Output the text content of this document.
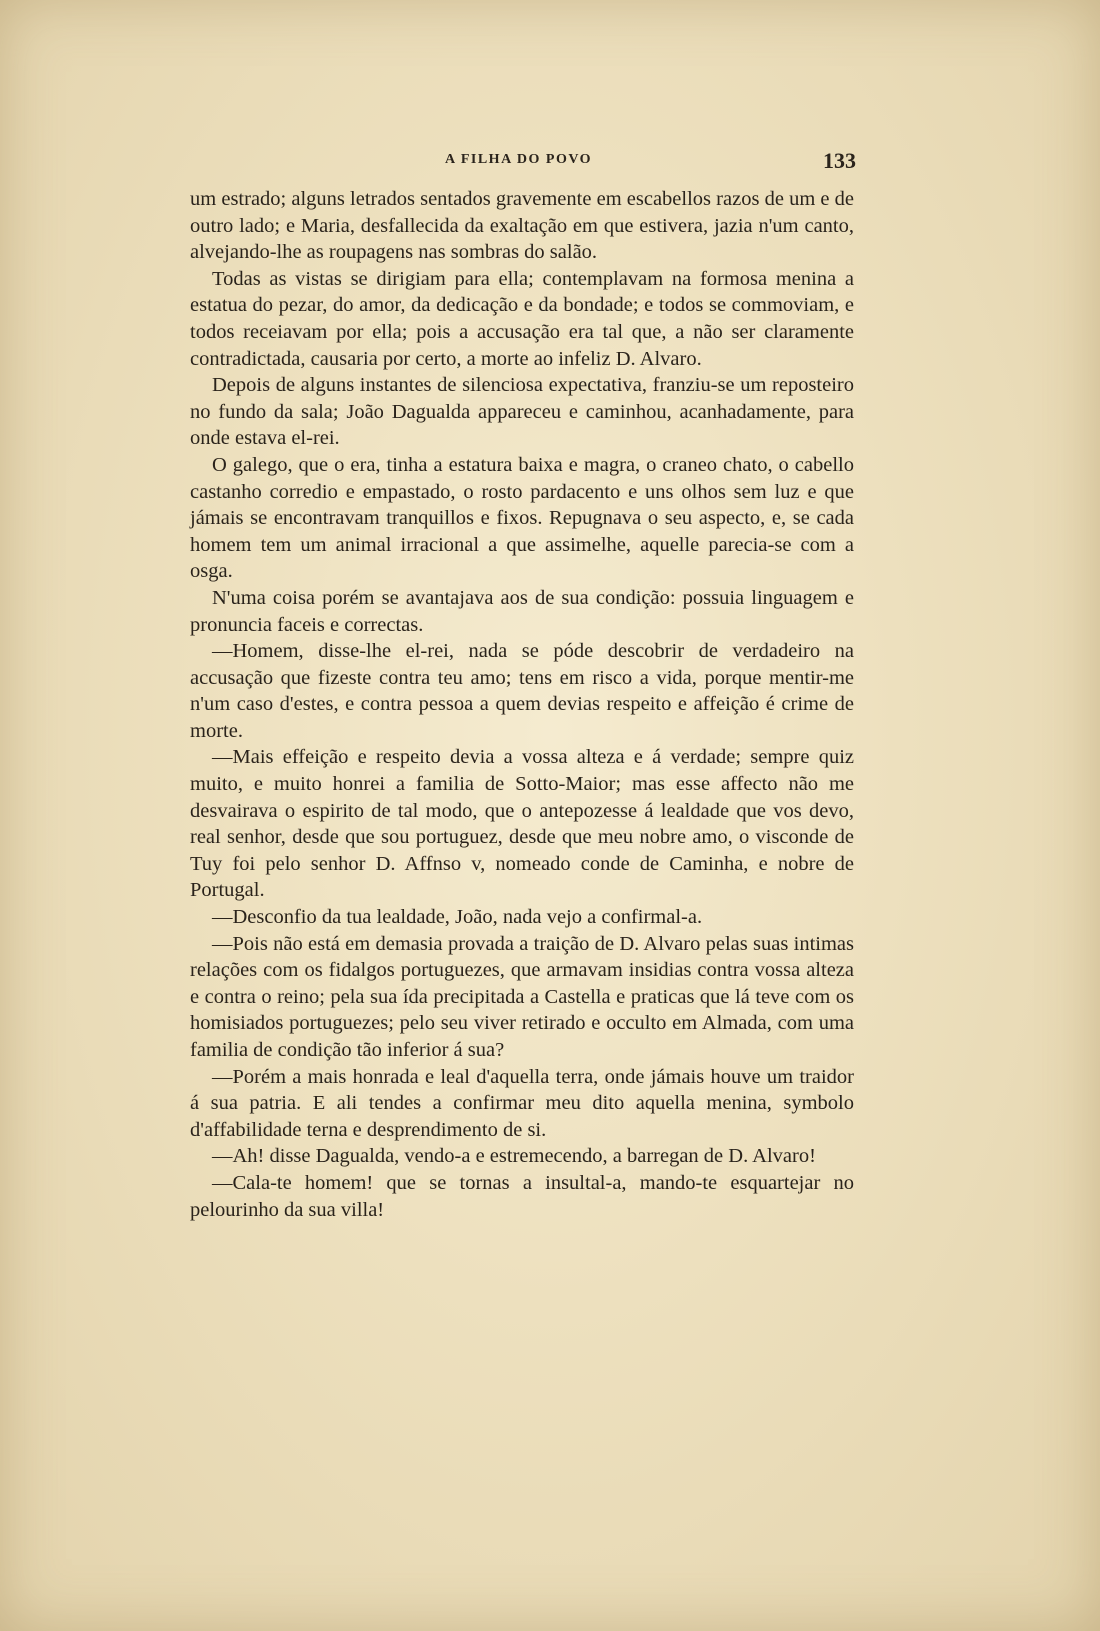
A FILHA DO POVO	133

um estrado; alguns letrados sentados gravemente em escabellos razos de um e de outro lado; e Maria, desfallecida da exaltação em que estivera, jazia n'um canto, alvejando-lhe as roupagens nas sombras do salão.

Todas as vistas se dirigiam para ella; contemplavam na formosa menina a estatua do pezar, do amor, da dedicação e da bondade; e todos se commoviam, e todos receiavam por ella; pois a accusação era tal que, a não ser claramente contradictada, causaria por certo, a morte ao infeliz D. Alvaro.

Depois de alguns instantes de silenciosa expectativa, franziu-se um reposteiro no fundo da sala; João Dagualda appareceu e caminhou, acanhadamente, para onde estava el-rei.

O galego, que o era, tinha a estatura baixa e magra, o craneo chato, o cabello castanho corredio e empastado, o rosto pardacento e uns olhos sem luz e que jámais se encontravam tranquillos e fixos. Repugnava o seu aspecto, e, se cada homem tem um animal irracional a que assimelhe, aquelle parecia-se com a osga.

N'uma coisa porém se avantajava aos de sua condição: possuia linguagem e pronuncia faceis e correctas.

—Homem, disse-lhe el-rei, nada se póde descobrir de verdadeiro na accusação que fizeste contra teu amo; tens em risco a vida, porque mentir-me n'um caso d'estes, e contra pessoa a quem devias respeito e affeição é crime de morte.

—Mais effeição e respeito devia a vossa alteza e á verdade; sempre quiz muito, e muito honrei a familia de Sotto-Maior; mas esse affecto não me desvairava o espirito de tal modo, que o antepozesse á lealdade que vos devo, real senhor, desde que sou portuguez, desde que meu nobre amo, o visconde de Tuy foi pelo senhor D. Affnso v, nomeado conde de Caminha, e nobre de Portugal.

—Desconfio da tua lealdade, João, nada vejo a confirmal-a.

—Pois não está em demasia provada a traição de D. Alvaro pelas suas intimas relações com os fidalgos portuguezes, que armavam insidias contra vossa alteza e contra o reino; pela sua ída precipitada a Castella e praticas que lá teve com os homisiados portuguezes; pelo seu viver retirado e occulto em Almada, com uma familia de condição tão inferior á sua?

—Porém a mais honrada e leal d'aquella terra, onde jámais houve um traidor á sua patria. E ali tendes a confirmar meu dito aquella menina, symbolo d'affabilidade terna e desprendimento de si.

—Ah! disse Dagualda, vendo-a e estremecendo, a barregan de D. Alvaro!

—Cala-te homem! que se tornas a insultal-a, mando-te esquartejar no pelourinho da sua villa!
